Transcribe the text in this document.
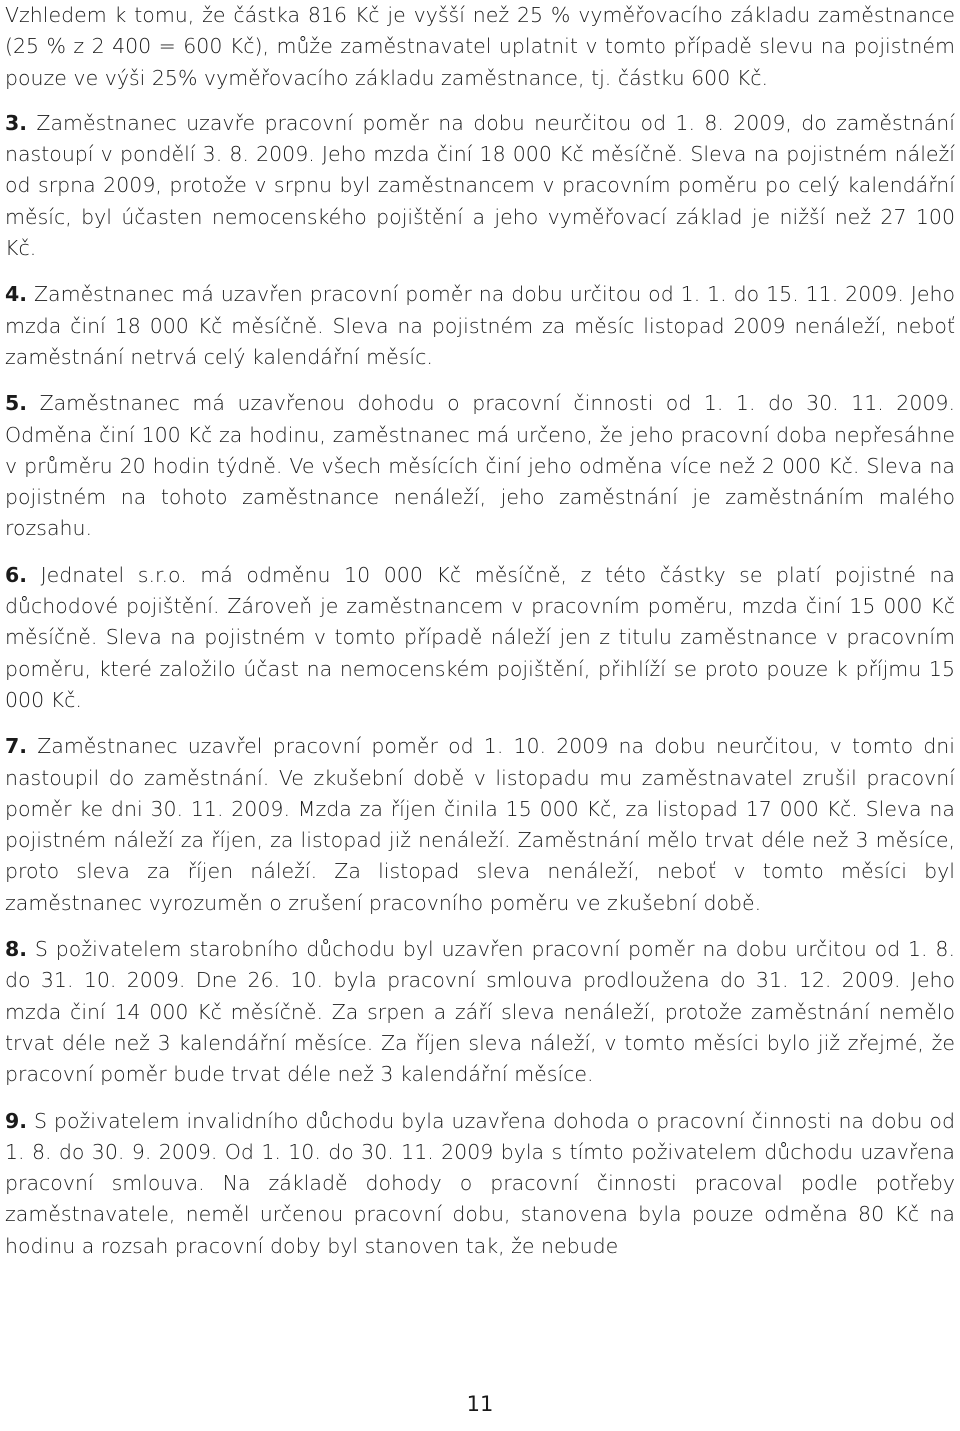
Vzhledem k tomu, že částka 816 Kč je vyšší než 25 % vyměřovacího základu zaměstnance (25 % z 2 400 = 600 Kč), může zaměstnavatel uplatnit v tomto případě slevu na pojistném pouze ve výši 25% vyměřovacího základu zaměstnance, tj. částku 600 Kč.

3. Zaměstnanec uzavře pracovní poměr na dobu neurčitou od 1. 8. 2009, do zaměstnání nastoupí v pondělí 3. 8. 2009. Jeho mzda činí 18 000 Kč měsíčně. Sleva na pojistném náleží od srpna 2009, protože v srpnu byl zaměstnancem v pracovním poměru po celý kalendářní měsíc, byl účasten nemocenského pojištění a jeho vyměřovací základ je nižší než 27 100 Kč.

4. Zaměstnanec má uzavřen pracovní poměr na dobu určitou od 1. 1. do 15. 11. 2009. Jeho mzda činí 18 000 Kč měsíčně. Sleva na pojistném za měsíc listopad 2009 nenáleží, neboť zaměstnání netrvá celý kalendářní měsíc.

5. Zaměstnanec má uzavřenou dohodu o pracovní činnosti od 1. 1. do 30. 11. 2009. Odměna činí 100 Kč za hodinu, zaměstnanec má určeno, že jeho pracovní doba nepřesáhne v průměru 20 hodin týdně. Ve všech měsících činí jeho odměna více než 2 000 Kč. Sleva na pojistném na tohoto zaměstnance nenáleží, jeho zaměstnání je zaměstnáním malého rozsahu.

6. Jednatel s.r.o. má odměnu 10 000 Kč měsíčně, z této částky se platí pojistné na důchodové pojištění. Zároveň je zaměstnancem v pracovním poměru, mzda činí 15 000 Kč měsíčně. Sleva na pojistném v tomto případě náleží jen z titulu zaměstnance v pracovním poměru, které založilo účast na nemocenském pojištění, přihlíží se proto pouze k příjmu 15 000 Kč.

7. Zaměstnanec uzavřel pracovní poměr od 1. 10. 2009 na dobu neurčitou, v tomto dni nastoupil do zaměstnání. Ve zkušební době v listopadu mu zaměstnavatel zrušil pracovní poměr ke dni 30. 11. 2009. Mzda za říjen činila 15 000 Kč, za listopad 17 000 Kč. Sleva na pojistném náleží za říjen, za listopad již nenáleží. Zaměstnání mělo trvat déle než 3 měsíce, proto sleva za říjen náleží. Za listopad sleva nenáleží, neboť v tomto měsíci byl zaměstnanec vyrozuměn o zrušení pracovního poměru ve zkušební době.

8. S poživatelem starobního důchodu byl uzavřen pracovní poměr na dobu určitou od 1. 8. do 31. 10. 2009. Dne 26. 10. byla pracovní smlouva prodloužena do 31. 12. 2009. Jeho mzda činí 14 000 Kč měsíčně. Za srpen a září sleva nenáleží, protože zaměstnání nemělo trvat déle než 3 kalendářní měsíce. Za říjen sleva náleží, v tomto měsíci bylo již zřejmé, že pracovní poměr bude trvat déle než 3 kalendářní měsíce.

9. S poživatelem invalidního důchodu byla uzavřena dohoda o pracovní činnosti na dobu od 1. 8. do 30. 9. 2009. Od 1. 10. do 30. 11. 2009 byla s tímto poživatelem důchodu uzavřena pracovní smlouva. Na základě dohody o pracovní činnosti pracoval podle potřeby zaměstnavatele, neměl určenou pracovní dobu, stanovena byla pouze odměna 80 Kč na hodinu a rozsah pracovní doby byl stanoven tak, že nebude

11
